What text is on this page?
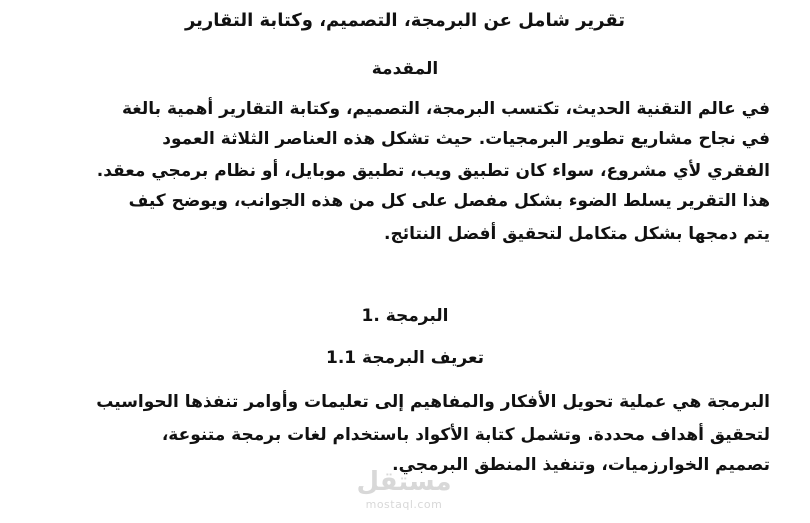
تقرير شامل عن البرمجة، التصميم، وكتابة التقارير
المقدمة
في عالم التقنية الحديث، تكتسب البرمجة، التصميم، وكتابة التقارير أهمية بالغة
في نجاح مشاريع تطوير البرمجيات. حيث تشكل هذه العناصر الثلاثة العمود
الفقري لأي مشروع، سواء كان تطبيق ويب، تطبيق موبايل، أو نظام برمجي معقد.
هذا التقرير يسلط الضوء بشكل مفصل على كل من هذه الجوانب، ويوضح كيف
يتم دمجها بشكل متكامل لتحقيق أفضل النتائج.
البرمجة .1
تعريف البرمجة 1.1
البرمجة هي عملية تحويل الأفكار والمفاهيم إلى تعليمات وأوامر تنفذها الحواسيب
لتحقيق أهداف محددة. وتشمل كتابة الأكواد باستخدام لغات برمجة متنوعة،
تصميم الخوارزميات، وتنفيذ المنطق البرمجي.
مستقل
mostaql.com
